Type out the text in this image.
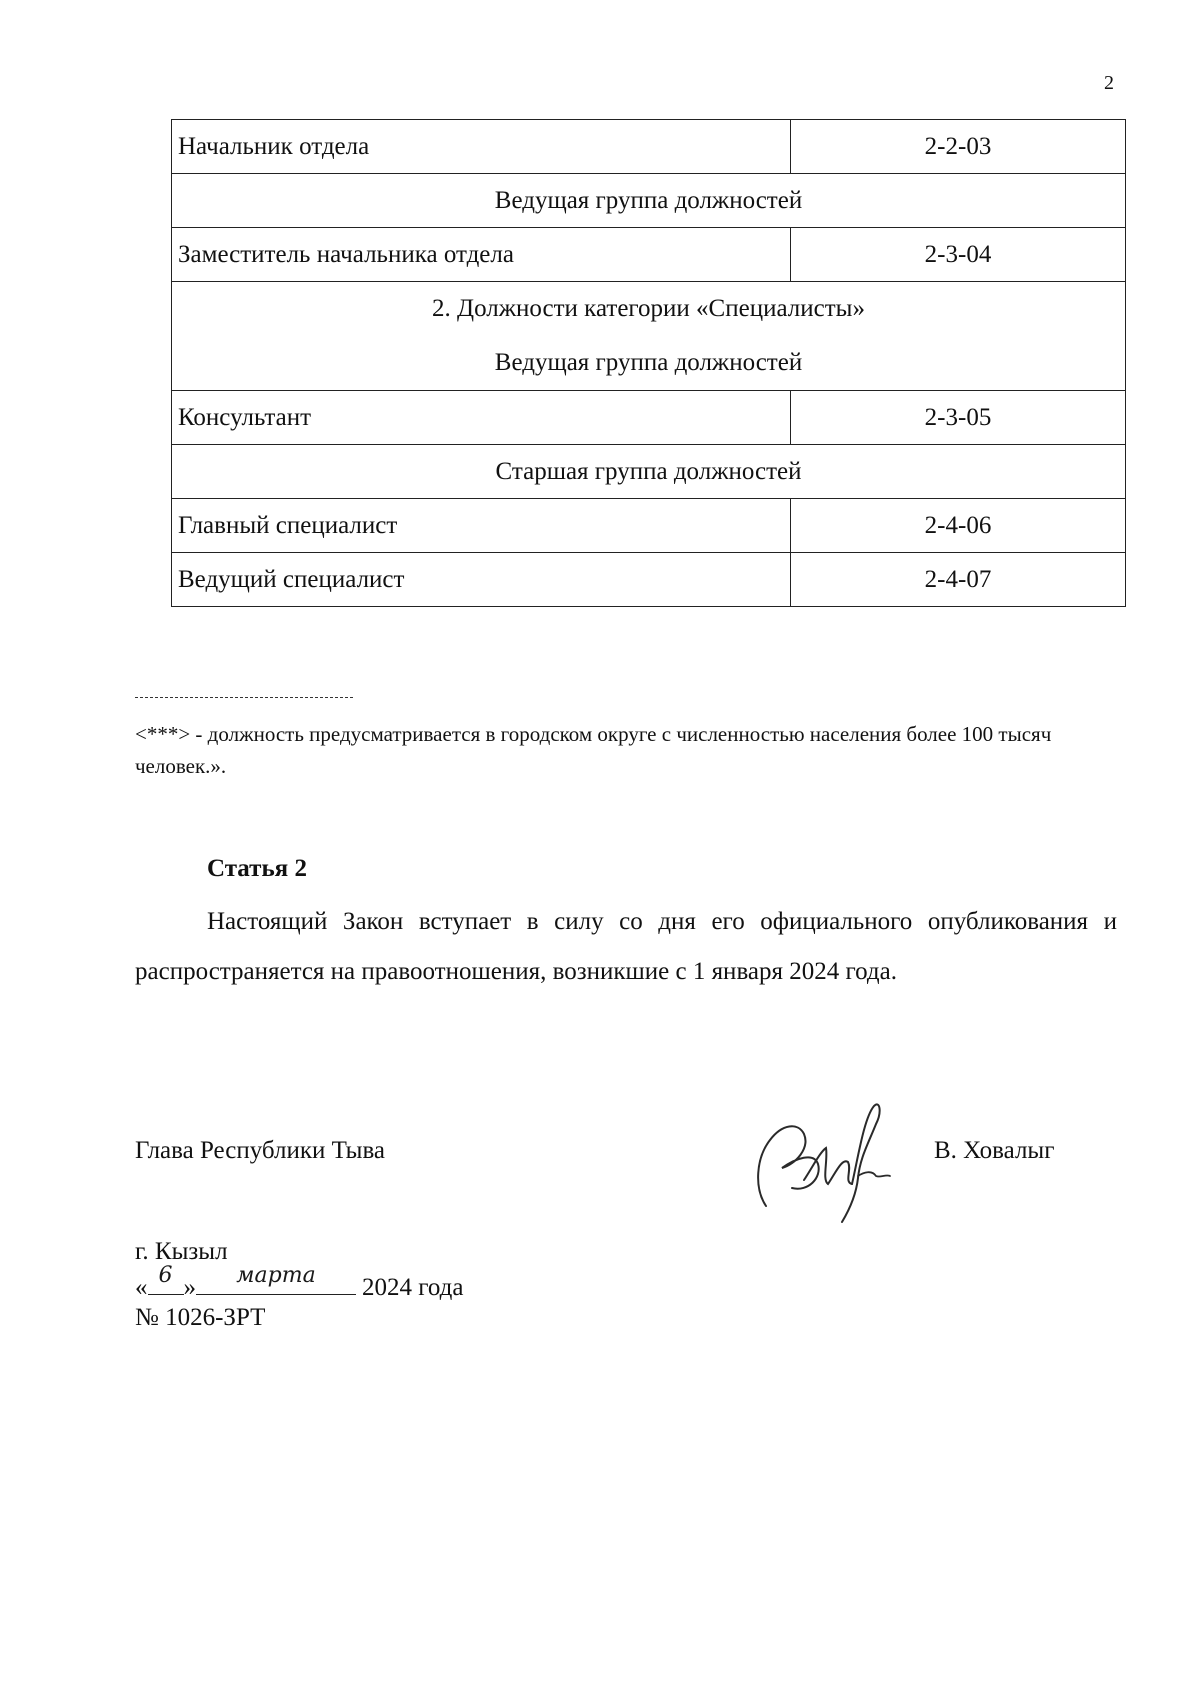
2
Начальник отдела	2-2-03
Ведущая группа должностей	
Заместитель начальника отдела	2-3-04

2. Должности категории «Специалисты»
Ведущая группа должностей	

Консультант	2-3-05
Старшая группа должностей	
Главный специалист	2-4-06
Ведущий специалист	2-4-07
<***> - должность предусматривается в городском округе с численностью населения более 100 тысяч человек.».
Статья 2
Настоящий Закон вступает в силу со дня его официального опубликования и распространяется на правоотношения, возникшие с 1 января 2024 года.
Глава Республики Тыва	В. Ховалыг
г. Кызыл
« 6 »	марта	2024 года
№ 1026-ЗРТ
